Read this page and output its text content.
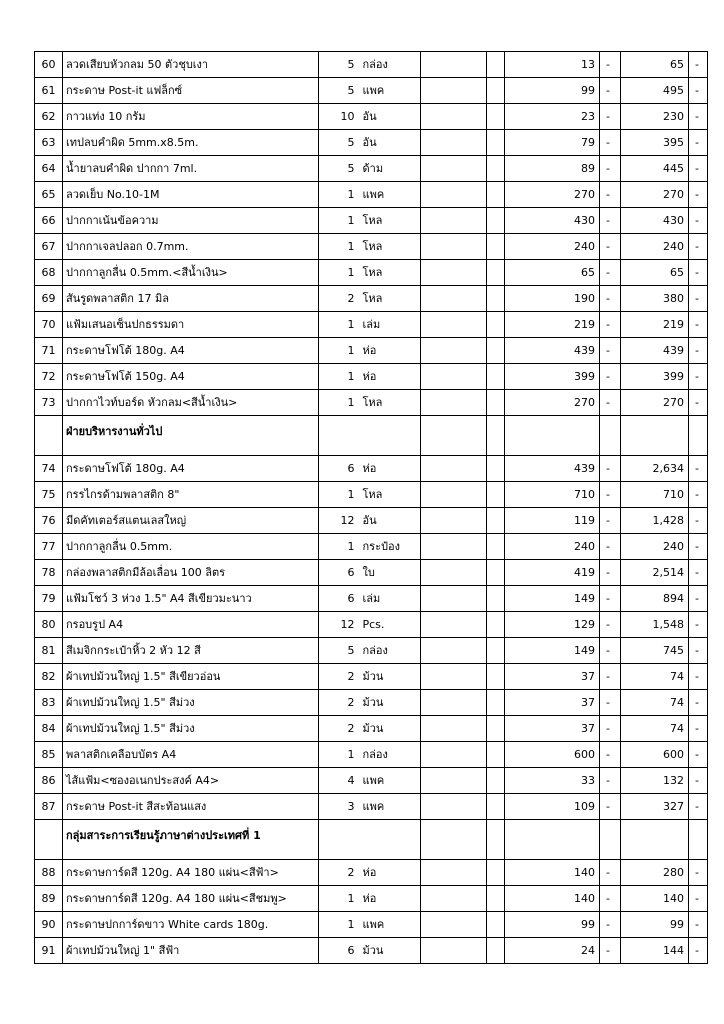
60	ลวดเสียบหัวกลม 50 ตัวชุบเงา	5	กล่อง			13	-	65	-
61	กระดาษ Post-it แฟล็กซ์	5	แพค			99	-	495	-
62	กาวแท่ง 10 กรัม	10	อัน			23	-	230	-
63	เทปลบคำผิด 5mm.x8.5m.	5	อัน			79	-	395	-
64	น้ำยาลบคำผิด ปากกา 7ml.	5	ด้าม			89	-	445	-
65	ลวดเย็บ No.10-1M	1	แพค			270	-	270	-
66	ปากกาเน้นข้อความ	1	โหล			430	-	430	-
67	ปากกาเจลปลอก 0.7mm.	1	โหล			240	-	240	-
68	ปากกาลูกลื่น 0.5mm.<สีน้ำเงิน>	1	โหล			65	-	65	-
69	สันรูดพลาสติก 17 มิล	2	โหล			190	-	380	-
70	แฟ้มเสนอเซ็นปกธรรมดา	1	เล่ม			219	-	219	-
71	กระดาษโฟโต้ 180g. A4	1	ห่อ			439	-	439	-
72	กระดาษโฟโต้ 150g. A4	1	ห่อ			399	-	399	-
73	ปากกาไวท์บอร์ด หัวกลม<สีน้ำเงิน>	1	โหล			270	-	270	-
	ฝ่ายบริหารงานทั่วไป								
74	กระดาษโฟโต้ 180g. A4	6	ห่อ			439	-	2,634	-
75	กรรไกรด้ามพลาสติก 8"	1	โหล			710	-	710	-
76	มีดคัทเตอร์สแตนเลสใหญ่	12	อัน			119	-	1,428	-
77	ปากกาลูกลื่น 0.5mm.	1	กระป๋อง			240	-	240	-
78	กล่องพลาสติกมีล้อเลื่อน 100 ลิตร	6	ใบ			419	-	2,514	-
79	แฟ้มโชว์ 3 ห่วง 1.5" A4 สีเขียวมะนาว	6	เล่ม			149	-	894	-
80	กรอบรูป A4	12	Pcs.			129	-	1,548	-
81	สีเมจิกกระเป๋าหิ้ว 2 หัว 12 สี	5	กล่อง			149	-	745	-
82	ผ้าเทปม้วนใหญ่ 1.5" สีเขียวอ่อน	2	ม้วน			37	-	74	-
83	ผ้าเทปม้วนใหญ่ 1.5" สีม่วง	2	ม้วน			37	-	74	-
84	ผ้าเทปม้วนใหญ่ 1.5" สีม่วง	2	ม้วน			37	-	74	-
85	พลาสติกเคลือบบัตร A4	1	กล่อง			600	-	600	-
86	ไส้แฟ้ม<ซองอเนกประสงค์ A4>	4	แพค			33	-	132	-
87	กระดาษ Post-it สีสะท้อนแสง	3	แพค			109	-	327	-
	กลุ่มสาระการเรียนรู้ภาษาต่างประเทศที่ 1								
88	กระดาษการ์ดสี 120g. A4 180 แผ่น<สีฟ้า>	2	ห่อ			140	-	280	-
89	กระดาษการ์ดสี 120g. A4 180 แผ่น<สีชมพู>	1	ห่อ			140	-	140	-
90	กระดาษปกการ์ดขาว White cards 180g.	1	แพค			99	-	99	-
91	ผ้าเทปม้วนใหญ่ 1" สีฟ้า	6	ม้วน			24	-	144	-
